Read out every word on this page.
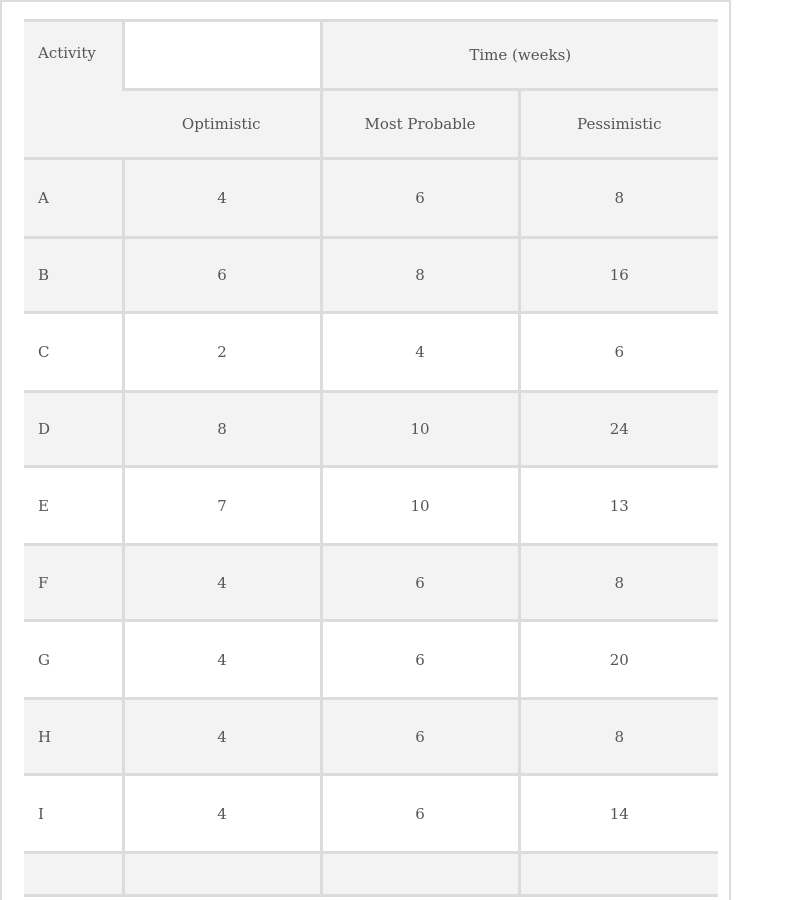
Activity		Time (weeks)	
	Optimistic	Most Probable	Pessimistic
A	4	6	8
B	6	8	16
C	2	4	6
D	8	10	24
E	7	10	13
F	4	6	8
G	4	6	20
H	4	6	8
I	4	6	14
